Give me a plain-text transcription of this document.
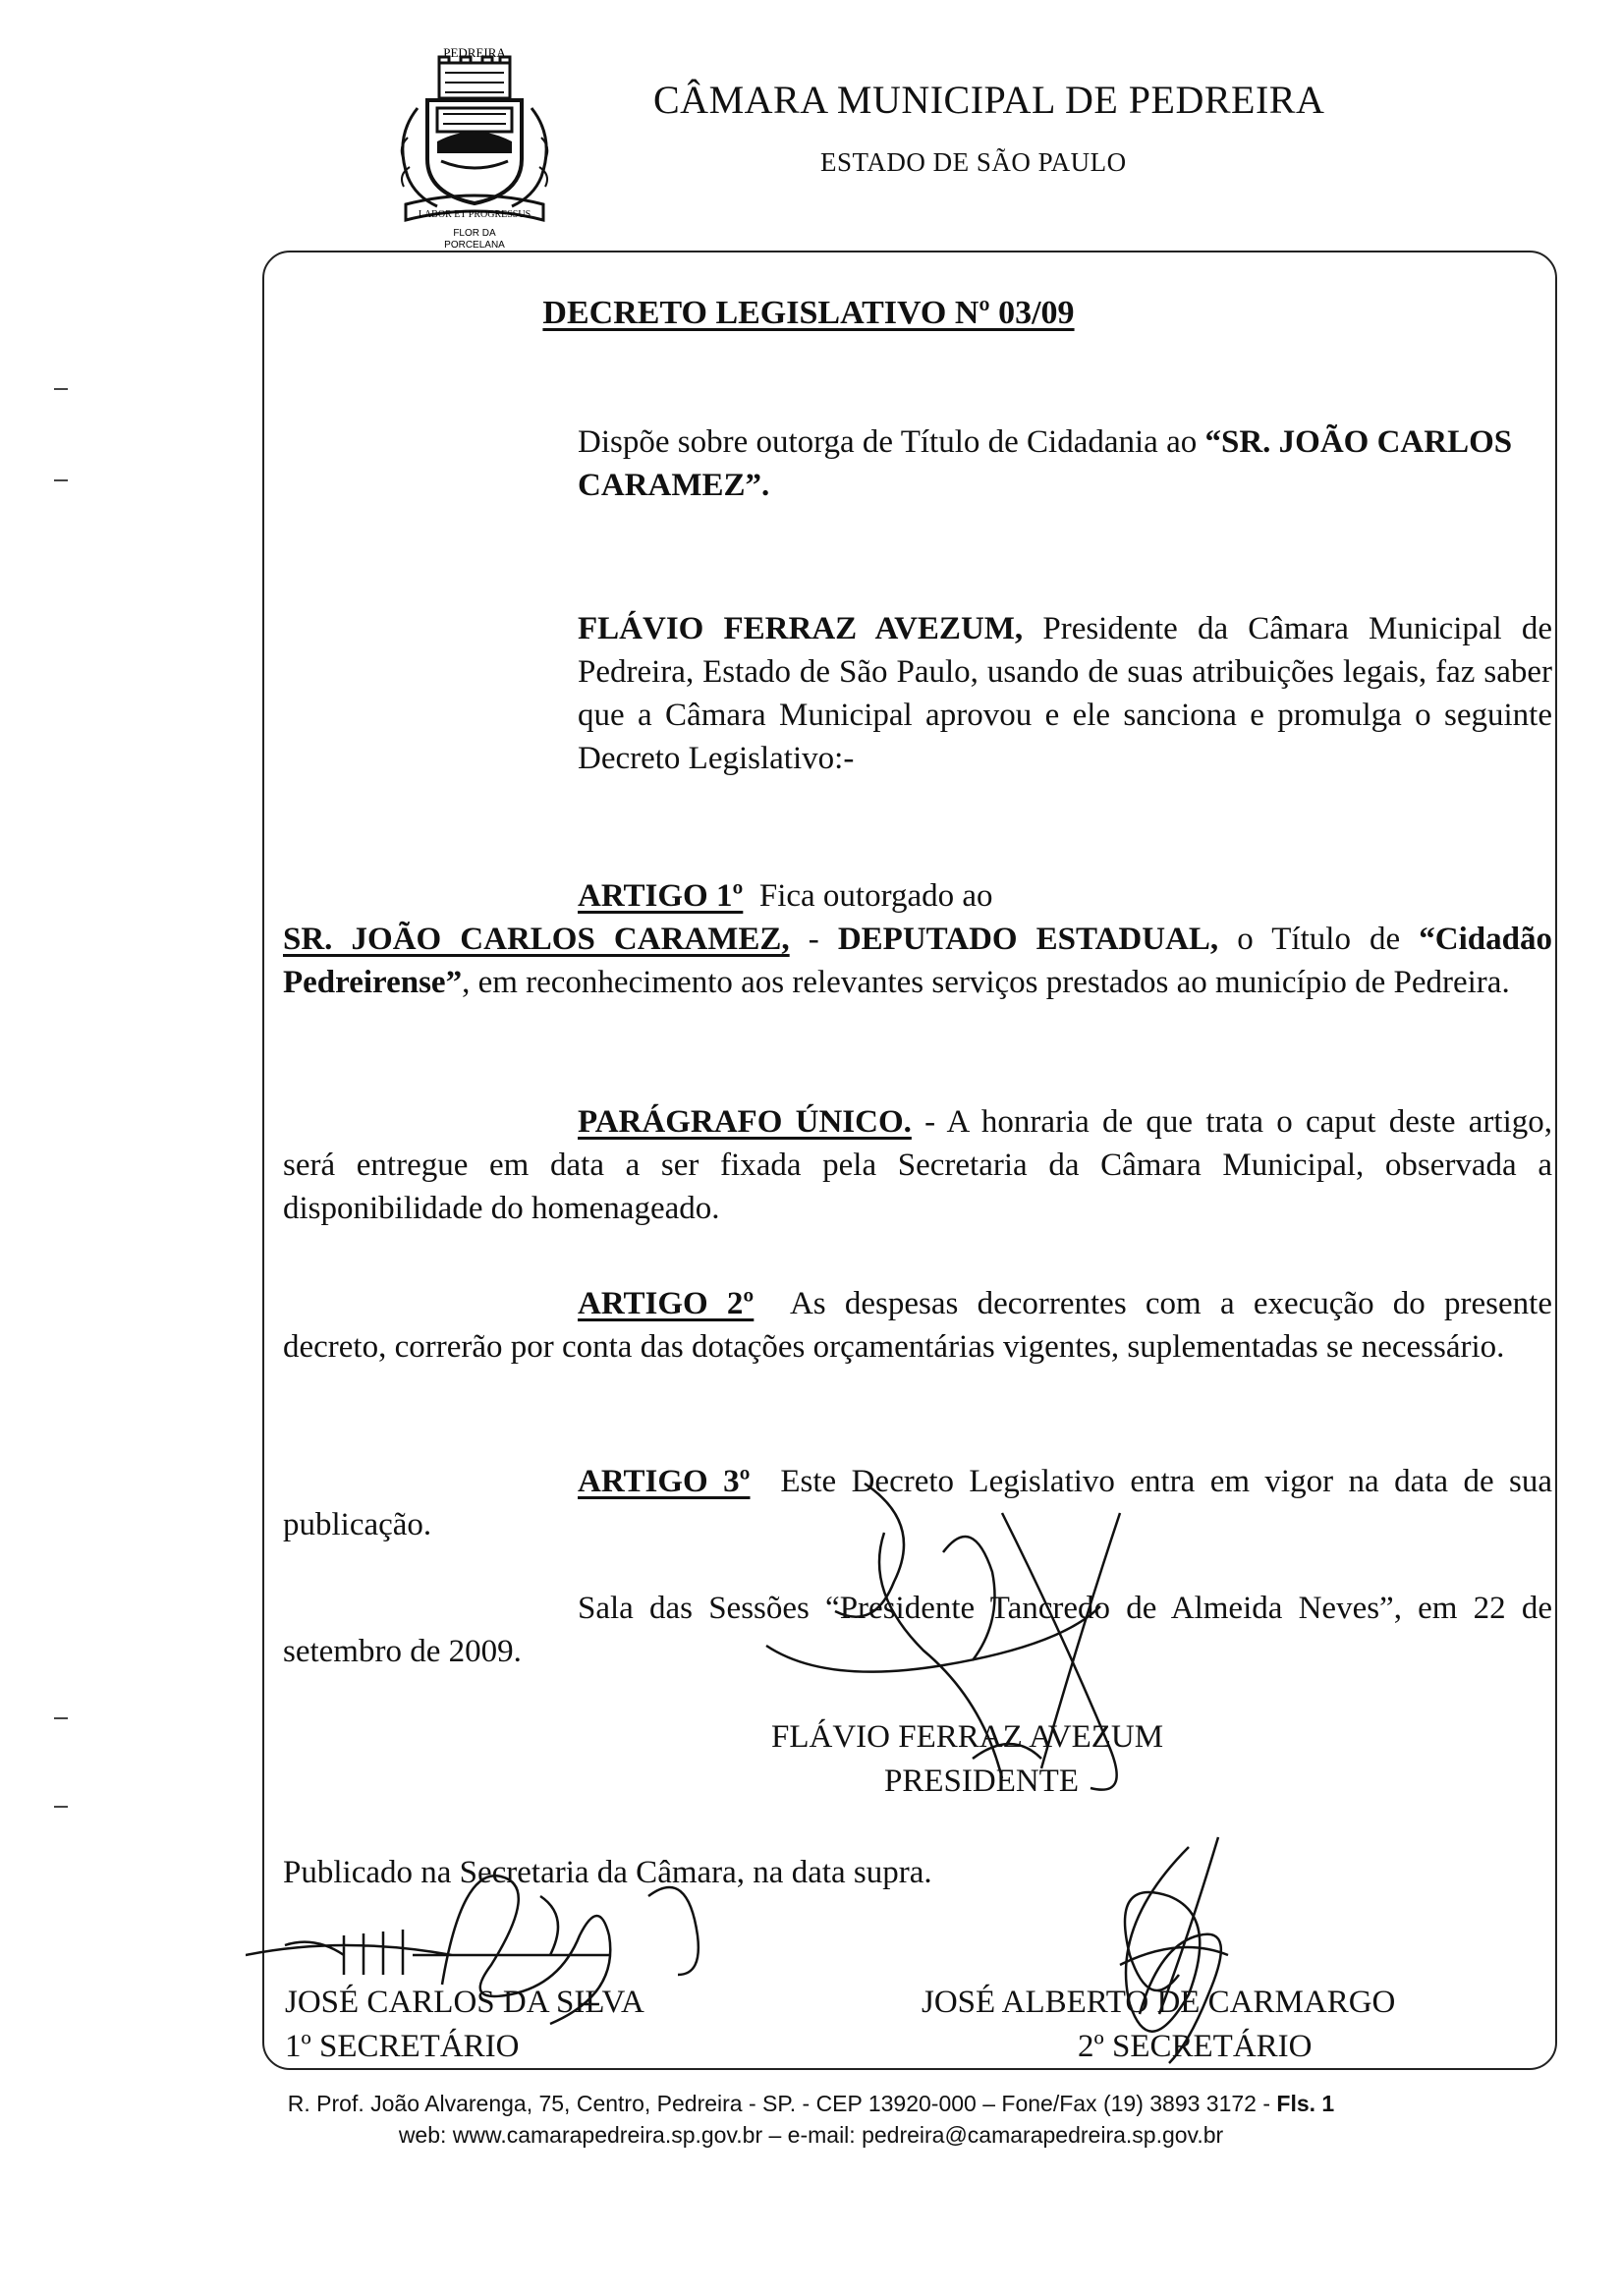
PEDREIRA
LABOR ET PROGRESSUS
FLOR DA
PORCELANA
CÂMARA MUNICIPAL DE PEDREIRA
ESTADO DE SÃO PAULO
DECRETO LEGISLATIVO Nº 03/09
Dispõe sobre outorga de Título de Cidadania ao “SR. JOÃO CARLOS CARAMEZ”.
FLÁVIO FERRAZ AVEZUM, Presidente da Câmara Municipal de Pedreira, Estado de São Paulo, usando de suas atribuições legais, faz saber que a Câmara Municipal aprovou e ele sanciona e promulga o seguinte Decreto Legislativo:-
ARTIGO 1º  Fica outorgado ao
SR. JOÃO CARLOS CARAMEZ, - DEPUTADO ESTADUAL, o Título de “Cidadão Pedreirense”, em reconhecimento aos relevantes serviços prestados ao município de Pedreira.
PARÁGRAFO ÚNICO. - A honraria de que trata o caput deste artigo, será entregue em data a ser fixada pela Secretaria da Câmara Municipal, observada a disponibilidade do homenageado.
ARTIGO 2º  As despesas decorrentes com a execução do presente decreto, correrão por conta das dotações orçamentárias vigentes, suplementadas se necessário.
ARTIGO 3º  Este Decreto Legislativo entra em vigor na data de sua publicação.
Sala das Sessões “Presidente Tancredo de Almeida Neves”, em 22 de setembro de 2009.
FLÁVIO FERRAZ AVEZUM
PRESIDENTE
Publicado na Secretaria da Câmara, na data supra.
JOSÉ CARLOS DA SILVA
1º SECRETÁRIO
JOSÉ ALBERTO DE CARMARGO
2º SECRETÁRIO
R. Prof. João Alvarenga, 75, Centro, Pedreira - SP. - CEP 13920-000 – Fone/Fax (19) 3893 3172 - Fls. 1
web: www.camarapedreira.sp.gov.br – e-mail: pedreira@camarapedreira.sp.gov.br
